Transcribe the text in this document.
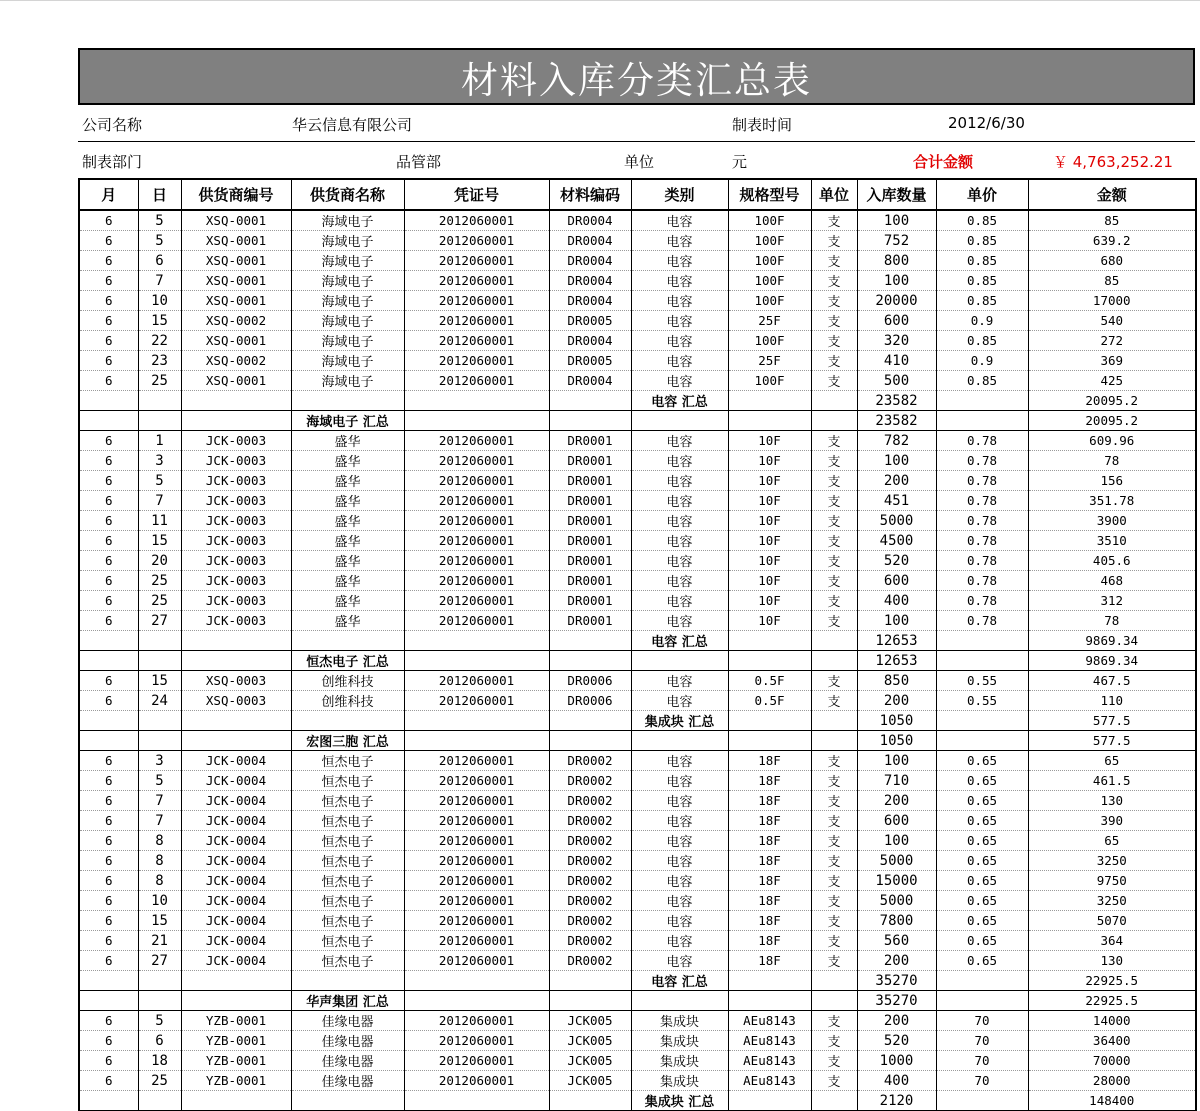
材料入库分类汇总表
公司名称	华云信息有限公司	制表时间	2012/6/30
制表部门	品管部	单位	元	合计金额	￥ 4,763,252.21
月	日	供货商编号	供货商名称	凭证号	材料编码	类别	规格型号	单位	入库数量	单价	金额
6	5	XSQ-0001	海域电子	2012060001	DR0004	电容	100F	支	100	0.85	85
6	5	XSQ-0001	海域电子	2012060001	DR0004	电容	100F	支	752	0.85	639.2
6	6	XSQ-0001	海域电子	2012060001	DR0004	电容	100F	支	800	0.85	680
6	7	XSQ-0001	海域电子	2012060001	DR0004	电容	100F	支	100	0.85	85
6	10	XSQ-0001	海域电子	2012060001	DR0004	电容	100F	支	20000	0.85	17000
6	15	XSQ-0002	海域电子	2012060001	DR0005	电容	25F	支	600	0.9	540
6	22	XSQ-0001	海域电子	2012060001	DR0004	电容	100F	支	320	0.85	272
6	23	XSQ-0002	海域电子	2012060001	DR0005	电容	25F	支	410	0.9	369
6	25	XSQ-0001	海域电子	2012060001	DR0004	电容	100F	支	500	0.85	425
						电容 汇总			23582		20095.2
			海域电子 汇总						23582		20095.2
6	1	JCK-0003	盛华	2012060001	DR0001	电容	10F	支	782	0.78	609.96
6	3	JCK-0003	盛华	2012060001	DR0001	电容	10F	支	100	0.78	78
6	5	JCK-0003	盛华	2012060001	DR0001	电容	10F	支	200	0.78	156
6	7	JCK-0003	盛华	2012060001	DR0001	电容	10F	支	451	0.78	351.78
6	11	JCK-0003	盛华	2012060001	DR0001	电容	10F	支	5000	0.78	3900
6	15	JCK-0003	盛华	2012060001	DR0001	电容	10F	支	4500	0.78	3510
6	20	JCK-0003	盛华	2012060001	DR0001	电容	10F	支	520	0.78	405.6
6	25	JCK-0003	盛华	2012060001	DR0001	电容	10F	支	600	0.78	468
6	25	JCK-0003	盛华	2012060001	DR0001	电容	10F	支	400	0.78	312
6	27	JCK-0003	盛华	2012060001	DR0001	电容	10F	支	100	0.78	78
						电容 汇总			12653		9869.34
			恒杰电子 汇总						12653		9869.34
6	15	XSQ-0003	创维科技	2012060001	DR0006	电容	0.5F	支	850	0.55	467.5
6	24	XSQ-0003	创维科技	2012060001	DR0006	电容	0.5F	支	200	0.55	110
						集成块 汇总			1050		577.5
			宏图三胞 汇总						1050		577.5
6	3	JCK-0004	恒杰电子	2012060001	DR0002	电容	18F	支	100	0.65	65
6	5	JCK-0004	恒杰电子	2012060001	DR0002	电容	18F	支	710	0.65	461.5
6	7	JCK-0004	恒杰电子	2012060001	DR0002	电容	18F	支	200	0.65	130
6	7	JCK-0004	恒杰电子	2012060001	DR0002	电容	18F	支	600	0.65	390
6	8	JCK-0004	恒杰电子	2012060001	DR0002	电容	18F	支	100	0.65	65
6	8	JCK-0004	恒杰电子	2012060001	DR0002	电容	18F	支	5000	0.65	3250
6	8	JCK-0004	恒杰电子	2012060001	DR0002	电容	18F	支	15000	0.65	9750
6	10	JCK-0004	恒杰电子	2012060001	DR0002	电容	18F	支	5000	0.65	3250
6	15	JCK-0004	恒杰电子	2012060001	DR0002	电容	18F	支	7800	0.65	5070
6	21	JCK-0004	恒杰电子	2012060001	DR0002	电容	18F	支	560	0.65	364
6	27	JCK-0004	恒杰电子	2012060001	DR0002	电容	18F	支	200	0.65	130
						电容 汇总			35270		22925.5
			华声集团 汇总						35270		22925.5
6	5	YZB-0001	佳缘电器	2012060001	JCK005	集成块	AEu8143	支	200	70	14000
6	6	YZB-0001	佳缘电器	2012060001	JCK005	集成块	AEu8143	支	520	70	36400
6	18	YZB-0001	佳缘电器	2012060001	JCK005	集成块	AEu8143	支	1000	70	70000
6	25	YZB-0001	佳缘电器	2012060001	JCK005	集成块	AEu8143	支	400	70	28000
						集成块 汇总			2120		148400
